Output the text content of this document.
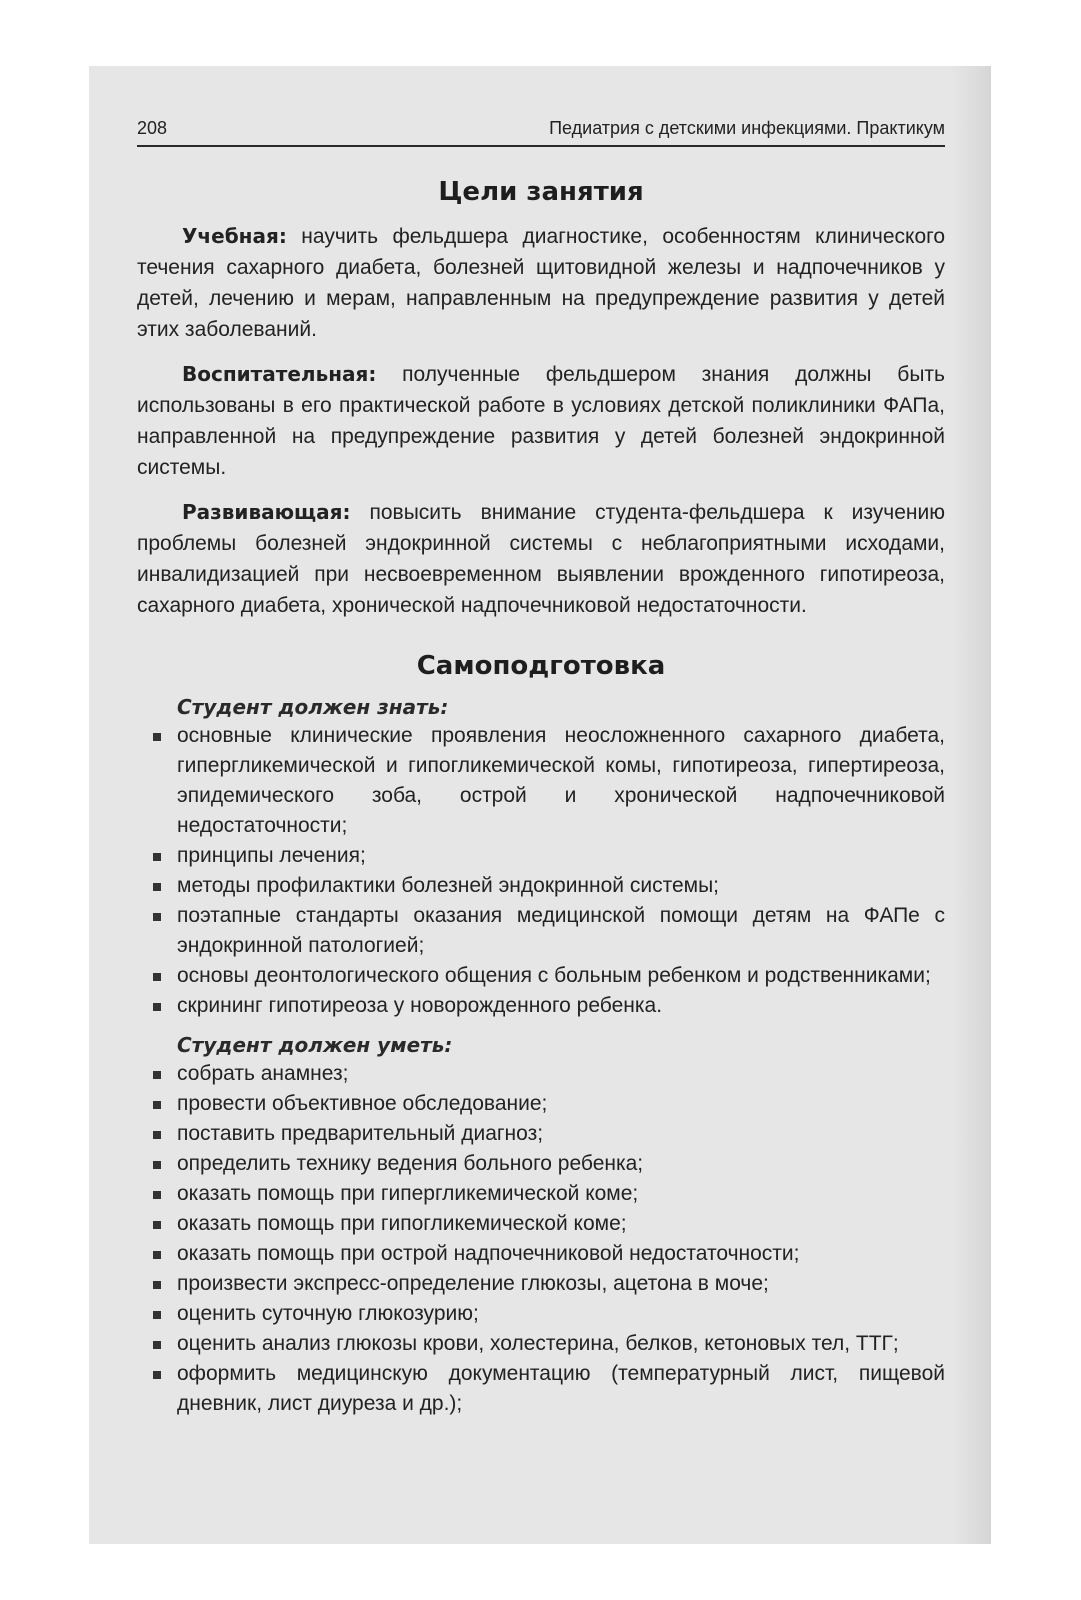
208	Педиатрия с детскими инфекциями. Практикум
Цели занятия

Учебная: научить фельдшера диагностике, особенностям клинического течения сахарного диабета, болезней щитовидной железы и надпочечников у детей, лечению и мерам, направленным на предупреждение развития у детей этих заболеваний.

Воспитательная: полученные фельдшером знания должны быть использованы в его практической работе в условиях детской поликлиники ФАПа, направленной на предупреждение развития у детей болезней эндокринной системы.

Развивающая: повысить внимание студента-фельдшера к изучению проблемы болезней эндокринной системы с неблагоприятными исходами, инвалидизацией при несвоевременном выявлении врожденного гипотиреоза, сахарного диабета, хронической надпочечниковой недостаточности.

Самоподготовка
Студент должен знать:
основные клинические проявления неосложненного сахарного диабета, гипергликемической и гипогликемической комы, гипотиреоза, гипертиреоза, эпидемического зоба, острой и хронической надпочечниковой недостаточности;
принципы лечения;
методы профилактики болезней эндокринной системы;
поэтапные стандарты оказания медицинской помощи детям на ФАПе с эндокринной патологией;
основы деонтологического общения с больным ребенком и родственниками;
скрининг гипотиреоза у новорожденного ребенка.
Студент должен уметь:
собрать анамнез;
провести объективное обследование;
поставить предварительный диагноз;
определить технику ведения больного ребенка;
оказать помощь при гипергликемической коме;
оказать помощь при гипогликемической коме;
оказать помощь при острой надпочечниковой недостаточности;
произвести экспресс-определение глюкозы, ацетона в моче;
оценить суточную глюкозурию;
оценить анализ глюкозы крови, холестерина, белков, кетоновых тел, ТТГ;
оформить медицинскую документацию (температурный лист, пищевой дневник, лист диуреза и др.);
